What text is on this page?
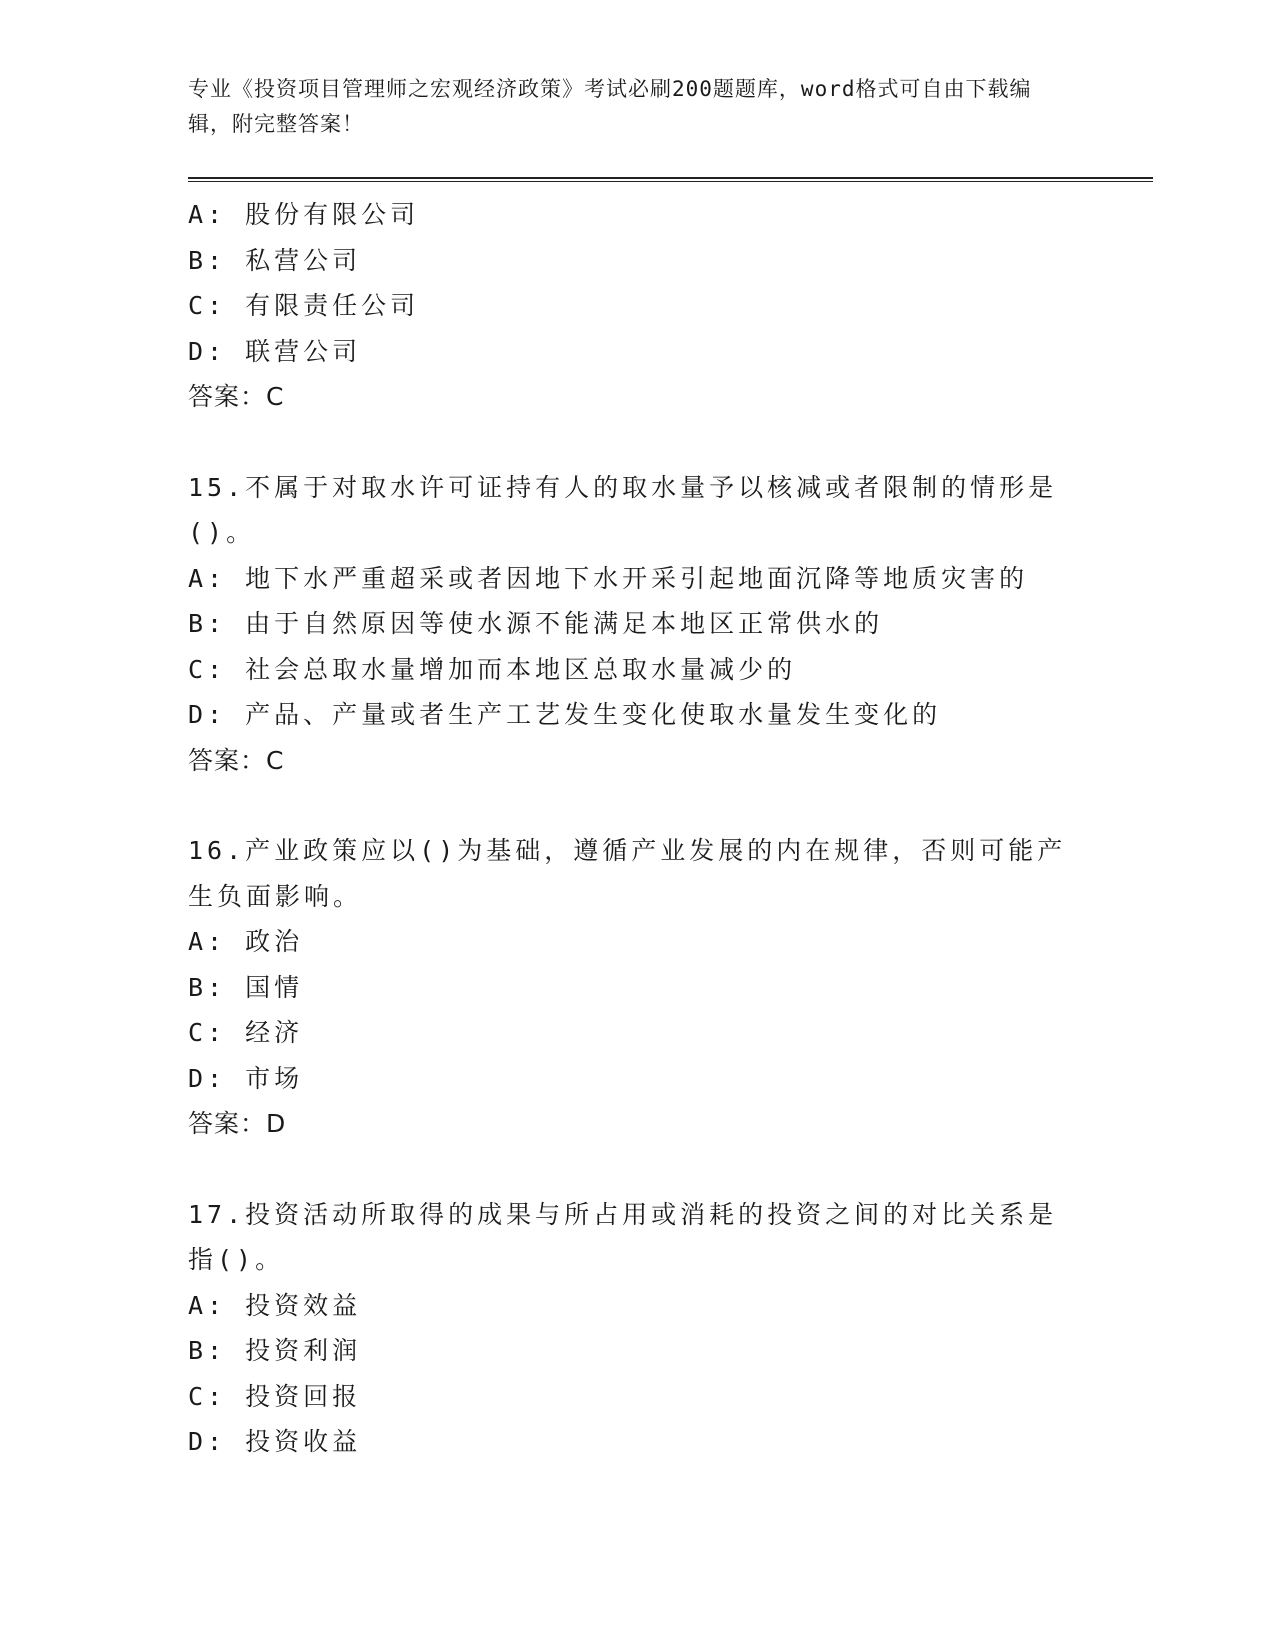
专业《投资项目管理师之宏观经济政策》考试必刷200题题库，word格式可自由下载编辑，附完整答案！
A: 股份有限公司
B: 私营公司
C: 有限责任公司
D: 联营公司
答案：C
15.不属于对取水许可证持有人的取水量予以核减或者限制的情形是()。
A: 地下水严重超采或者因地下水开采引起地面沉降等地质灾害的
B: 由于自然原因等使水源不能满足本地区正常供水的
C: 社会总取水量增加而本地区总取水量减少的
D: 产品、产量或者生产工艺发生变化使取水量发生变化的
答案：C
16.产业政策应以()为基础，遵循产业发展的内在规律，否则可能产生负面影响。
A: 政治
B: 国情
C: 经济
D: 市场
答案：D
17.投资活动所取得的成果与所占用或消耗的投资之间的对比关系是指()。
A: 投资效益
B: 投资利润
C: 投资回报
D: 投资收益
